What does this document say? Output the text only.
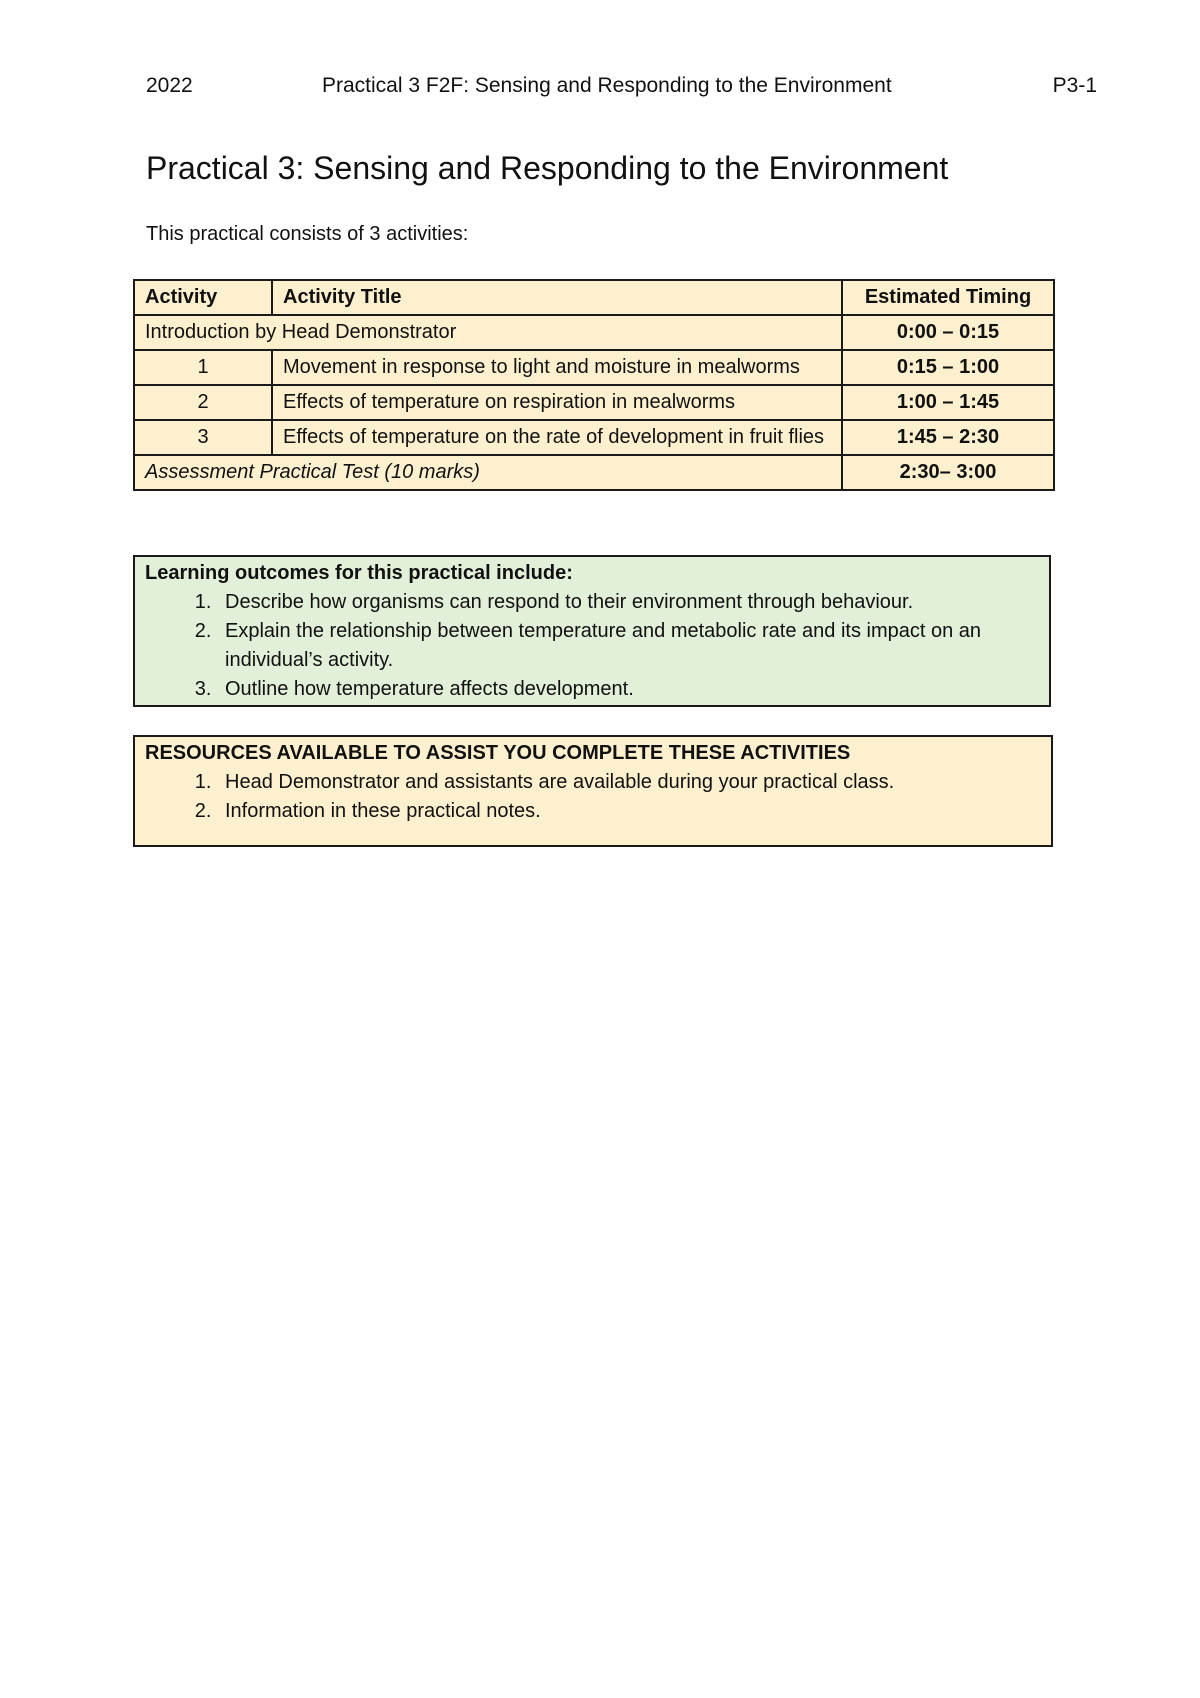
2022	Practical 3 F2F: Sensing and Responding to the Environment	P3-1
Practical 3: Sensing and Responding to the Environment
This practical consists of 3 activities:
Activity	Activity Title	Estimated Timing
Introduction by Head Demonstrator		0:00 – 0:15
1	Movement in response to light and moisture in mealworms	0:15 – 1:00
2	Effects of temperature on respiration in mealworms	1:00 – 1:45
3	Effects of temperature on the rate of development in fruit flies	1:45 – 2:30
Assessment Practical Test (10 marks)		2:30– 3:00
Learning outcomes for this practical include:
1. Describe how organisms can respond to their environment through behaviour.
2. Explain the relationship between temperature and metabolic rate and its impact on an individual’s activity.
3. Outline how temperature affects development.
RESOURCES AVAILABLE TO ASSIST YOU COMPLETE THESE ACTIVITIES
1. Head Demonstrator and assistants are available during your practical class.
2. Information in these practical notes.
